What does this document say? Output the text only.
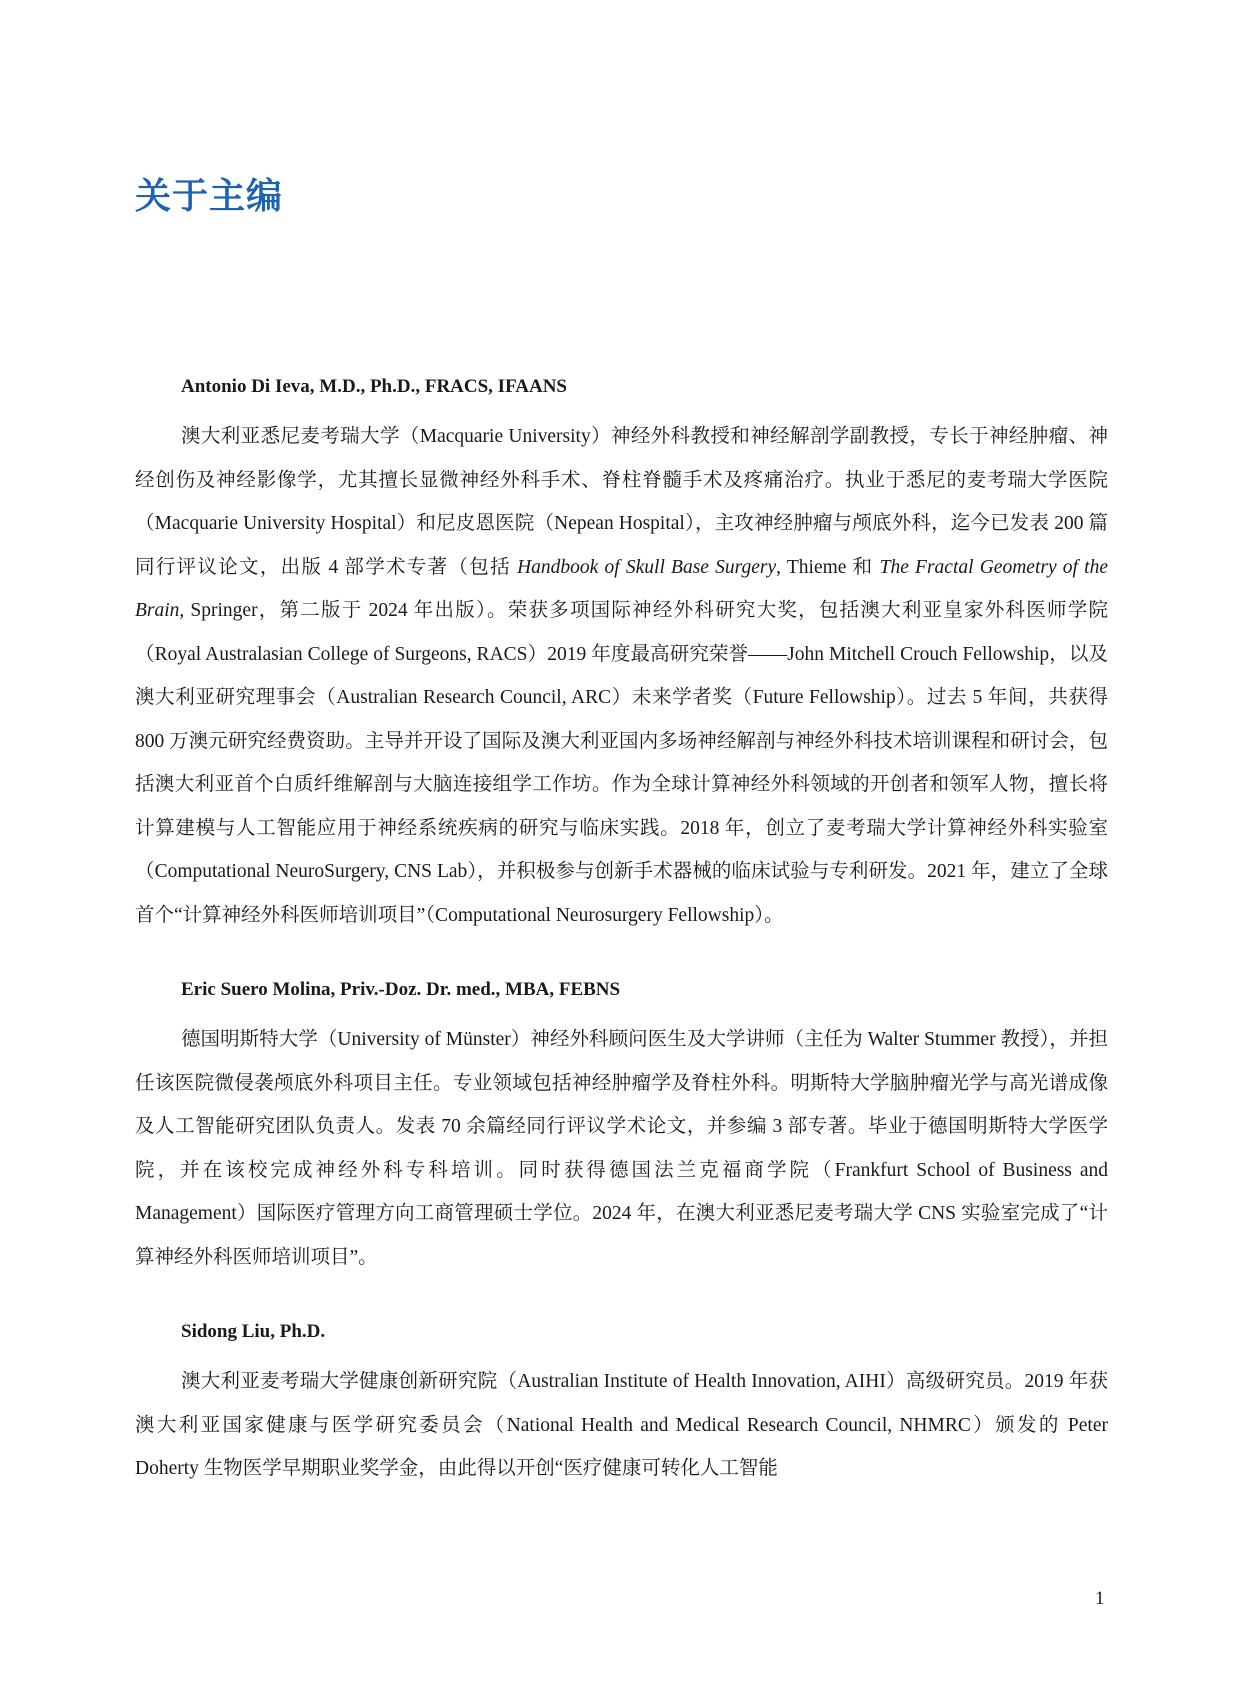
关于主编
Antonio Di Ieva, M.D., Ph.D., FRACS, IFAANS

澳大利亚悉尼麦考瑞大学（Macquarie University）神经外科教授和神经解剖学副教授，专长于神经肿瘤、神经创伤及神经影像学，尤其擅长显微神经外科手术、脊柱脊髓手术及疼痛治疗。执业于悉尼的麦考瑞大学医院（Macquarie University Hospital）和尼皮恩医院（Nepean Hospital），主攻神经肿瘤与颅底外科，迄今已发表 200 篇同行评议论文，出版 4 部学术专著（包括 Handbook of Skull Base Surgery, Thieme 和 The Fractal Geometry of the Brain, Springer，第二版于 2024 年出版）。荣获多项国际神经外科研究大奖，包括澳大利亚皇家外科医师学院（Royal Australasian College of Surgeons, RACS）2019 年度最高研究荣誉——John Mitchell Crouch Fellowship，以及澳大利亚研究理事会（Australian Research Council, ARC）未来学者奖（Future Fellowship）。过去 5 年间，共获得 800 万澳元研究经费资助。主导并开设了国际及澳大利亚国内多场神经解剖与神经外科技术培训课程和研讨会，包括澳大利亚首个白质纤维解剖与大脑连接组学工作坊。作为全球计算神经外科领域的开创者和领军人物，擅长将计算建模与人工智能应用于神经系统疾病的研究与临床实践。2018 年，创立了麦考瑞大学计算神经外科实验室（Computational NeuroSurgery, CNS Lab），并积极参与创新手术器械的临床试验与专利研发。2021 年，建立了全球首个“计算神经外科医师培训项目”（Computational Neurosurgery Fellowship）。

Eric Suero Molina, Priv.-Doz. Dr. med., MBA, FEBNS

德国明斯特大学（University of Münster）神经外科顾问医生及大学讲师（主任为 Walter Stummer 教授），并担任该医院微侵袭颅底外科项目主任。专业领域包括神经肿瘤学及脊柱外科。明斯特大学脑肿瘤光学与高光谱成像及人工智能研究团队负责人。发表 70 余篇经同行评议学术论文，并参编 3 部专著。毕业于德国明斯特大学医学院，并在该校完成神经外科专科培训。同时获得德国法兰克福商学院（Frankfurt School of Business and Management）国际医疗管理方向工商管理硕士学位。2024 年，在澳大利亚悉尼麦考瑞大学 CNS 实验室完成了“计算神经外科医师培训项目”。

Sidong Liu, Ph.D.

澳大利亚麦考瑞大学健康创新研究院（Australian Institute of Health Innovation, AIHI）高级研究员。2019 年获澳大利亚国家健康与医学研究委员会（National Health and Medical Research Council, NHMRC）颁发的 Peter Doherty 生物医学早期职业奖学金，由此得以开创“医疗健康可转化人工智能

1
